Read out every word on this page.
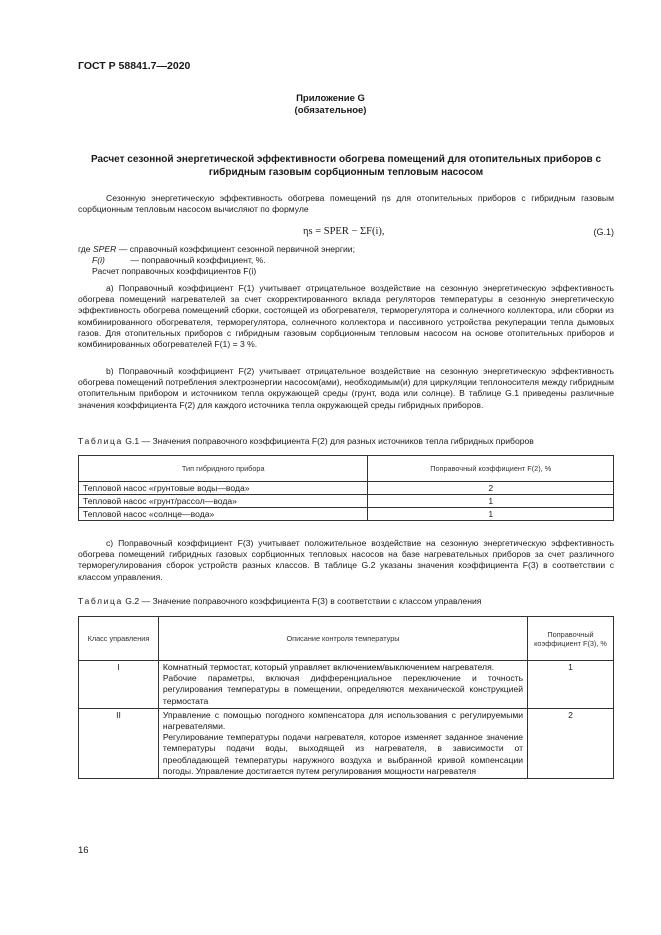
ГОСТ Р 58841.7—2020
Приложение G
(обязательное)
Расчет сезонной энергетической эффективности обогрева помещений для отопительных приборов с гибридным газовым сорбционным тепловым насосом

Сезонную энергетическую эффективность обогрева помещений ηs для отопительных приборов с гибридным газовым сорбционным тепловым насосом вычисляют по формуле

ηs = SPER − ΣF(i),	(G.1)
где SPER — справочный коэффициент сезонной первичной энергии;
F(i)	— поправочный коэффициент, %.
Расчет поправочных коэффициентов F(i)

a) Поправочный коэффициент F(1) учитывает отрицательное воздействие на сезонную энергетическую эффективность обогрева помещений нагревателей за счет скорректированного вклада регуляторов температуры в сезонную энергетическую эффективность обогрева помещений сборки, состоящей из обогревателя, терморегулятора и солнечного коллектора, или сборки из комбинированного обогревателя, терморегулятора, солнечного коллектора и пассивного устройства рекуперации тепла дымовых газов. Для отопительных приборов с гибридным газовым сорбционным тепловым насосом на основе отопительных приборов и комбинированных обогревателей F(1) = 3 %.

b) Поправочный коэффициент F(2) учитывает отрицательное воздействие на сезонную энергетическую эффективность обогрева помещений потребления электроэнергии насосом(ами), необходимым(и) для циркуляции теплоносителя между гибридным отопительным прибором и источником тепла окружающей среды (грунт, вода или солнце). В таблице G.1 приведены различные значения коэффициента F(2) для каждого источника тепла окружающей среды гибридных приборов.

Таблица G.1 — Значения поправочного коэффициента F(2) для разных источников тепла гибридных приборов
Тип гибридного прибора	Поправочный коэффициент F(2), %
Тепловой насос «грунтовые воды—вода»	2
Тепловой насос «грунт/рассол—вода»	1
Тепловой насос «солнце—вода»	1

c) Поправочный коэффициент F(3) учитывает положительное воздействие на сезонную энергетическую эффективность обогрева помещений гибридных газовых сорбционных тепловых насосов на базе нагревательных приборов за счет различного терморегулирования сборок устройств разных классов. В таблице G.2 указаны значения коэффициента F(3) в соответствии с классом управления.

Таблица G.2 — Значение поправочного коэффициента F(3) в соответствии с классом управления
Класс управления	Описание контроля температуры	Поправочный коэффициент F(3), %
I	Комнатный термостат, который управляет включением/выключением нагревателя.
Рабочие параметры, включая дифференциальное переключение и точность регулирования температуры в помещении, определяются механической конструкцией термостата	1
II	Управление с помощью погодного компенсатора для использования с регулируемыми нагревателями.
Регулирование температуры подачи нагревателя, которое изменяет заданное значение температуры подачи воды, выходящей из нагревателя, в зависимости от преобладающей температуры наружного воздуха и выбранной кривой компенсации погоды. Управление достигается путем регулирования мощности нагревателя	2
16
